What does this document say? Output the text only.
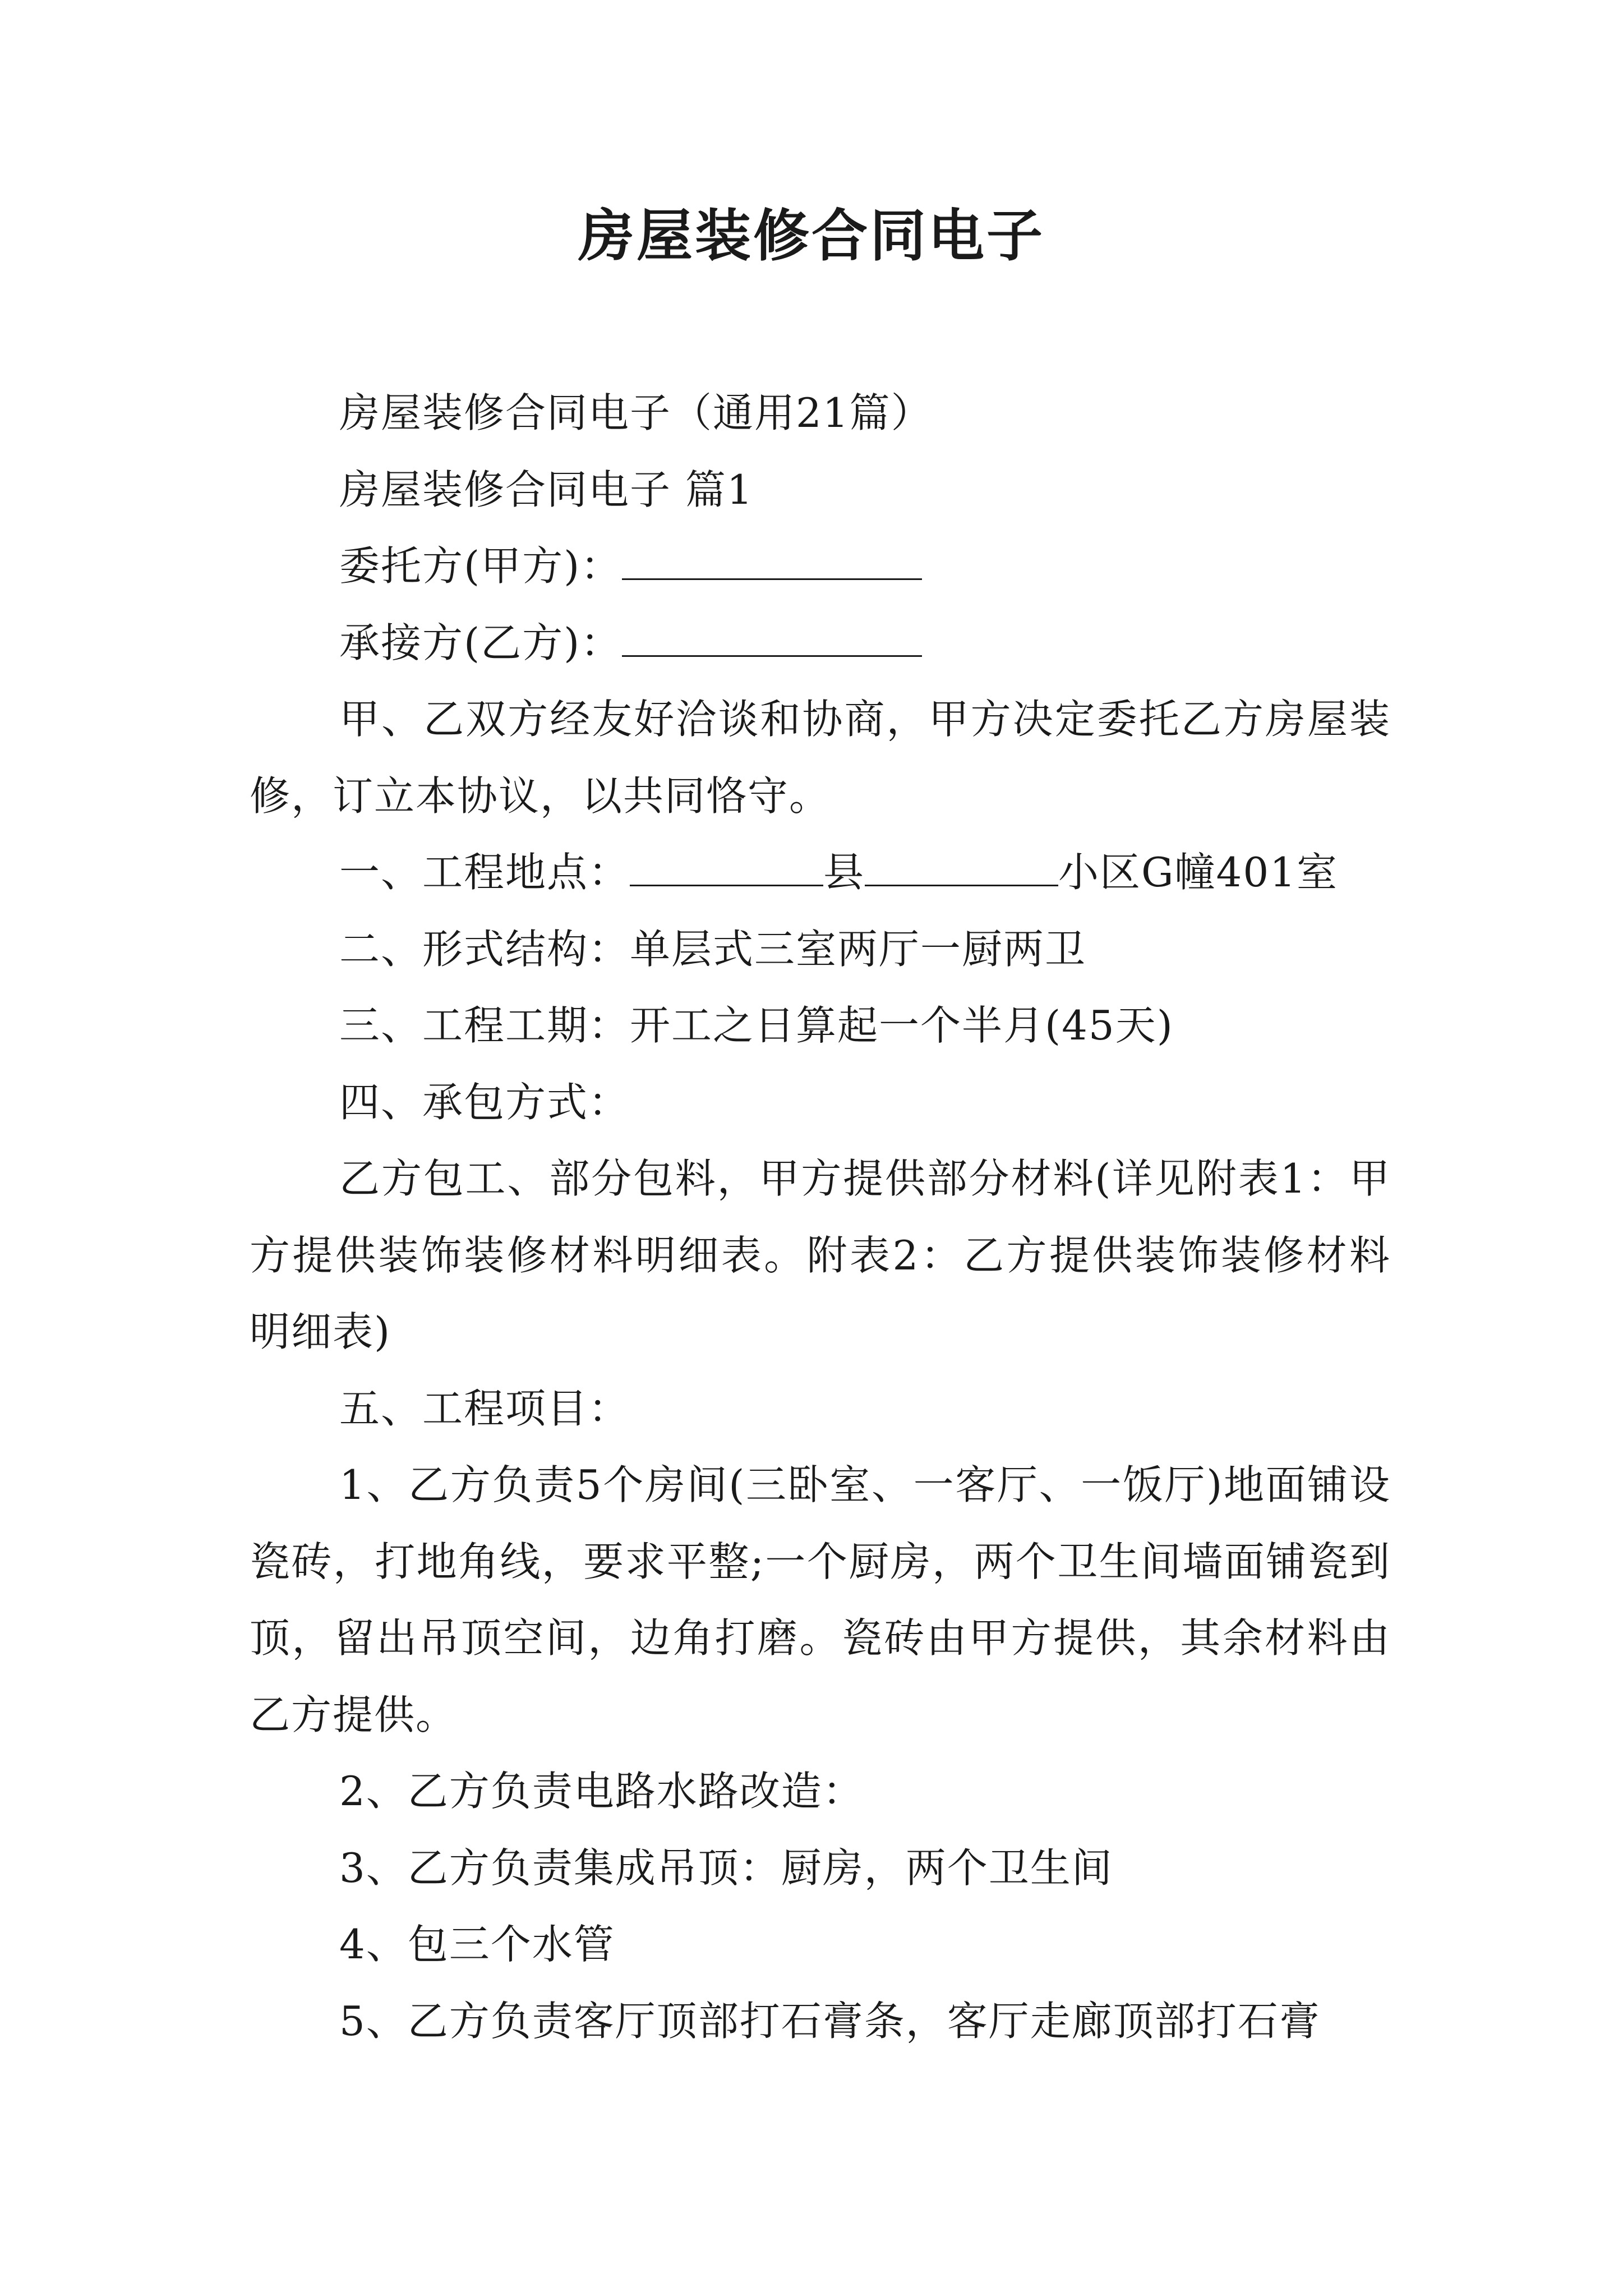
房屋装修合同电子

房屋装修合同电子（通用21篇）

房屋装修合同电子 篇1

委托方(甲方)：

承接方(乙方)：

甲、乙双方经友好洽谈和协商，甲方决定委托乙方房屋装修，订立本协议，以共同恪守。

一、工程地点：	县	小区G幢401室

二、形式结构：单层式三室两厅一厨两卫

三、工程工期：开工之日算起一个半月(45天)

四、承包方式：

乙方包工、部分包料，甲方提供部分材料(详见附表1：甲方提供装饰装修材料明细表。附表2：乙方提供装饰装修材料明细表)

五、工程项目：

1、乙方负责5个房间(三卧室、一客厅、一饭厅)地面铺设瓷砖，打地角线，要求平整;一个厨房，两个卫生间墙面铺瓷到顶，留出吊顶空间，边角打磨。瓷砖由甲方提供，其余材料由乙方提供。

2、乙方负责电路水路改造：

3、乙方负责集成吊顶：厨房，两个卫生间

4、包三个水管

5、乙方负责客厅顶部打石膏条，客厅走廊顶部打石膏
